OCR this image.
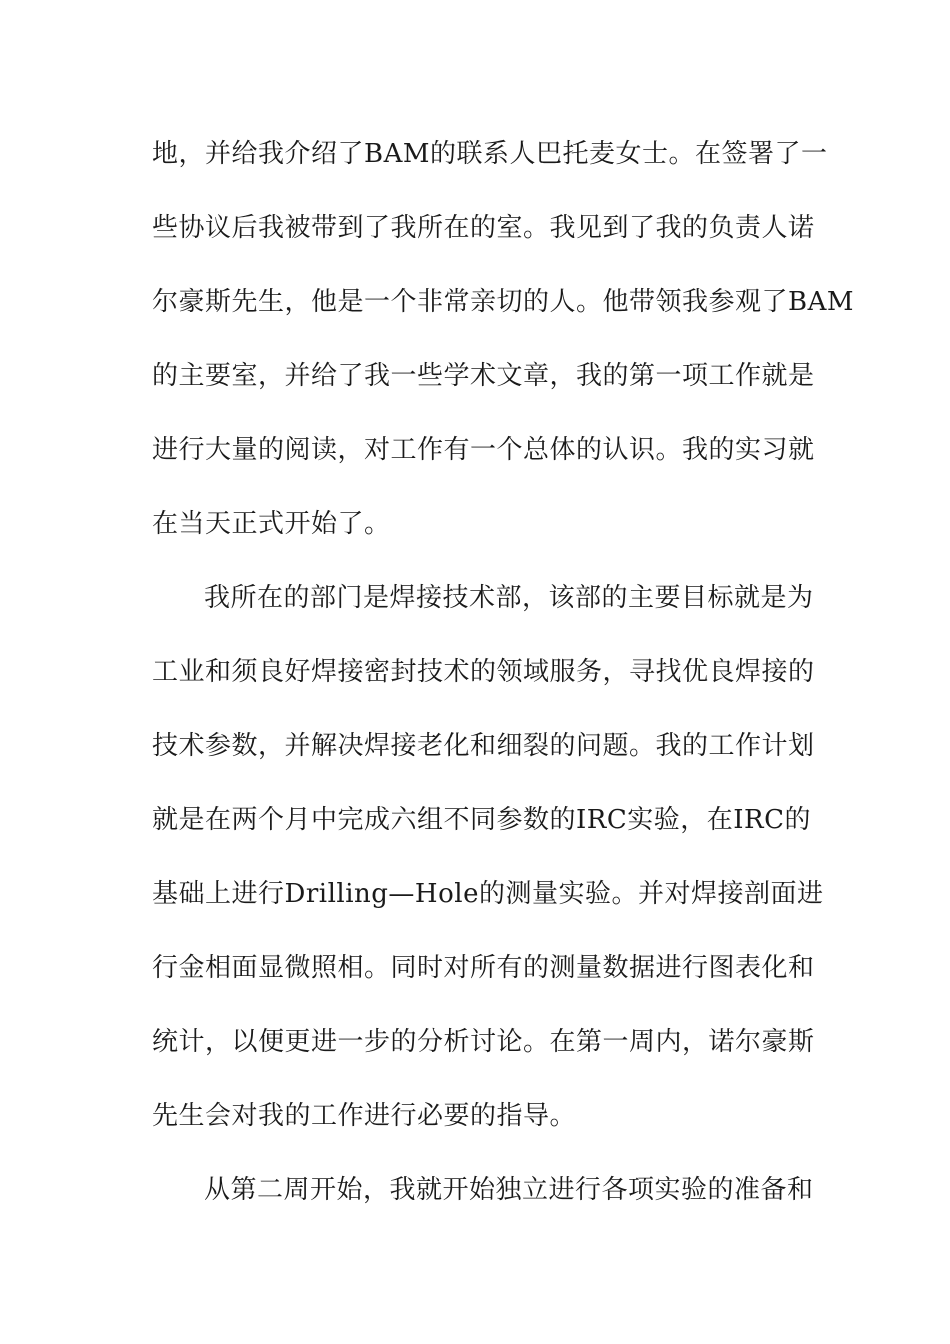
地，并给我介绍了BAM的联系人巴托麦女士。在签署了一
些协议后我被带到了我所在的室。我见到了我的负责人诺
尔豪斯先生，他是一个非常亲切的人。他带领我参观了BAM
的主要室，并给了我一些学术文章，我的第一项工作就是
进行大量的阅读，对工作有一个总体的认识。我的实习就
在当天正式开始了。
我所在的部门是焊接技术部，该部的主要目标就是为
工业和须良好焊接密封技术的领域服务，寻找优良焊接的
技术参数，并解决焊接老化和细裂的问题。我的工作计划
就是在两个月中完成六组不同参数的IRC实验，在IRC的
基础上进行Drilling—Hole的测量实验。并对焊接剖面进
行金相面显微照相。同时对所有的测量数据进行图表化和
统计，以便更进一步的分析讨论。在第一周内，诺尔豪斯
先生会对我的工作进行必要的指导。
从第二周开始，我就开始独立进行各项实验的准备和
